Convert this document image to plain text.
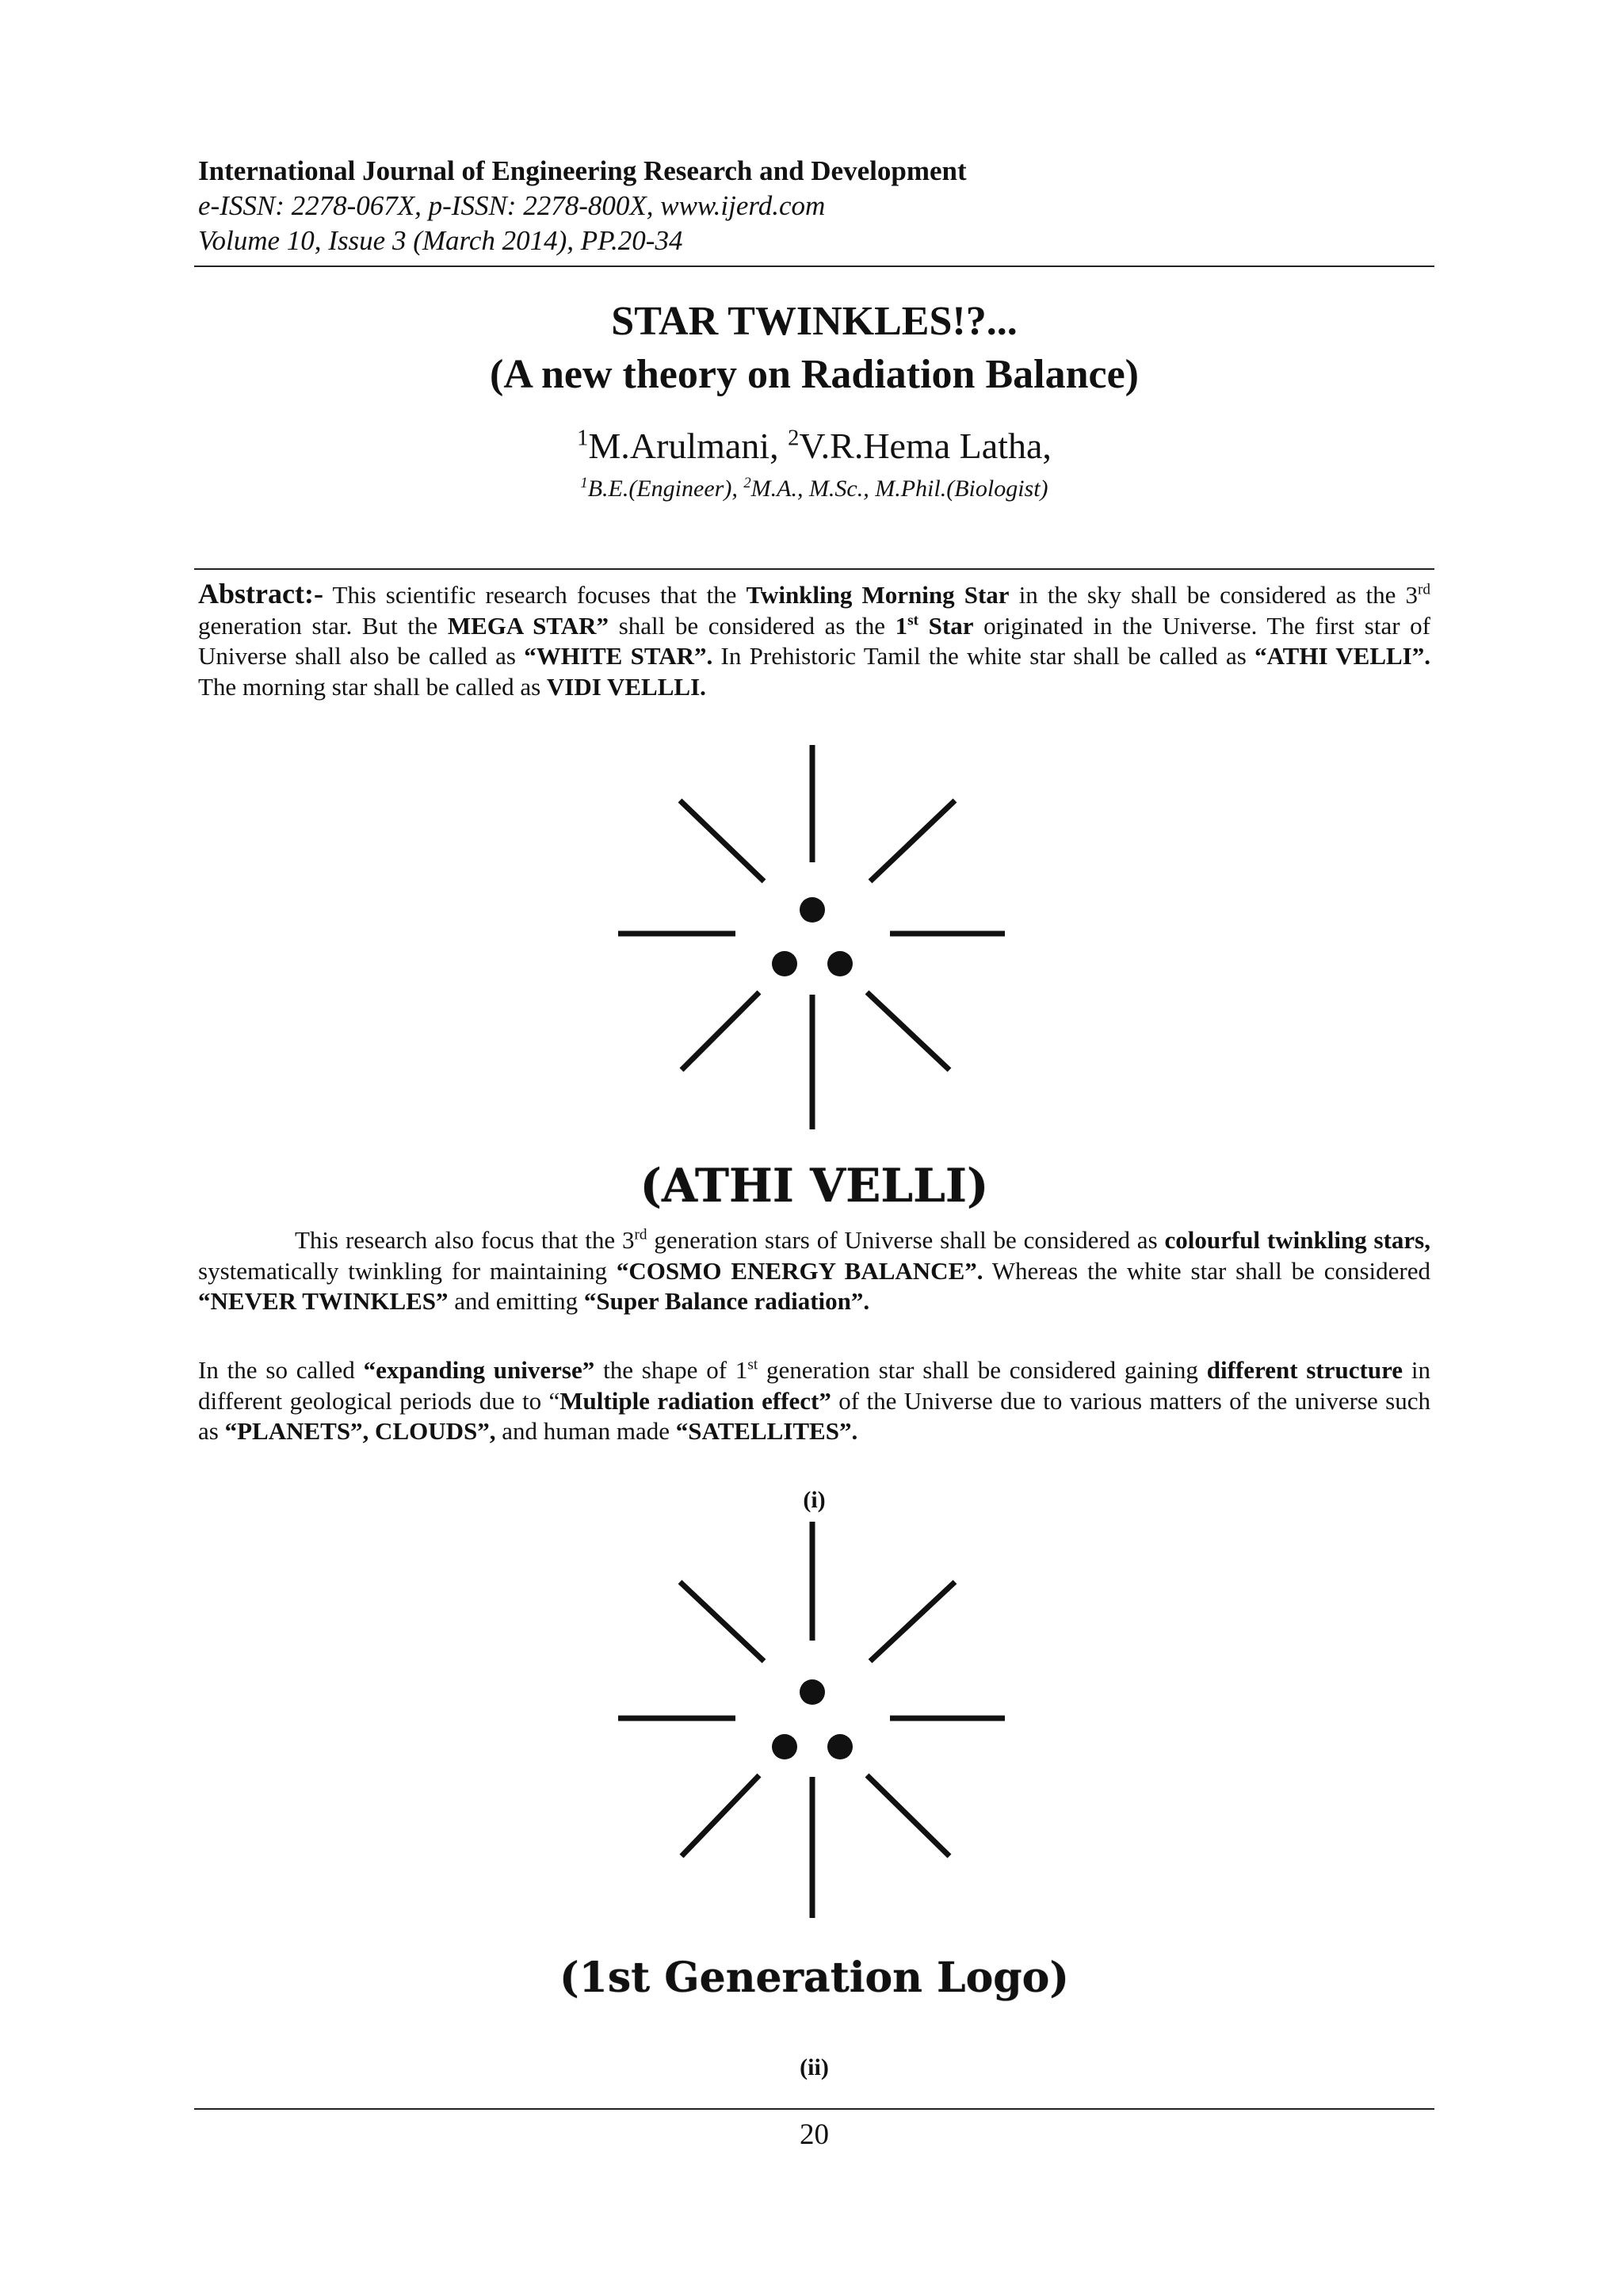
International Journal of Engineering Research and Development
e-ISSN: 2278-067X, p-ISSN: 2278-800X, www.ijerd.com
Volume 10, Issue 3 (March 2014), PP.20-34
STAR TWINKLES!?...
(A new theory on Radiation Balance)
$^1$M.Arulmani, $^2$V.R.Hema Latha,
$^1$B.E.(Engineer), $^2$M.A., M.Sc., M.Phil.(Biologist)
Abstract:- This scientific research focuses that the Twinkling Morning Star in the sky shall be considered as the 3rd generation star. But the MEGA STAR” shall be considered as the 1st Star originated in the Universe. The first star of Universe shall also be called as “WHITE STAR”. In Prehistoric Tamil the white star shall be called as “ATHI VELLI”. The morning star shall be called as VIDI VELLLI.
(ATHI VELLI)
This research also focus that the 3rd generation stars of Universe shall be considered as colourful twinkling stars, systematically twinkling for maintaining “COSMO ENERGY BALANCE”. Whereas the white star shall be considered “NEVER TWINKLES” and emitting “Super Balance radiation”.
In the so called “expanding universe” the shape of 1st generation star shall be considered gaining different structure in different geological periods due to “Multiple radiation effect” of the Universe due to various matters of the universe such as “PLANETS”, CLOUDS”, and human made “SATELLITES”.
(i)
(1st Generation Logo)
(ii)
20
